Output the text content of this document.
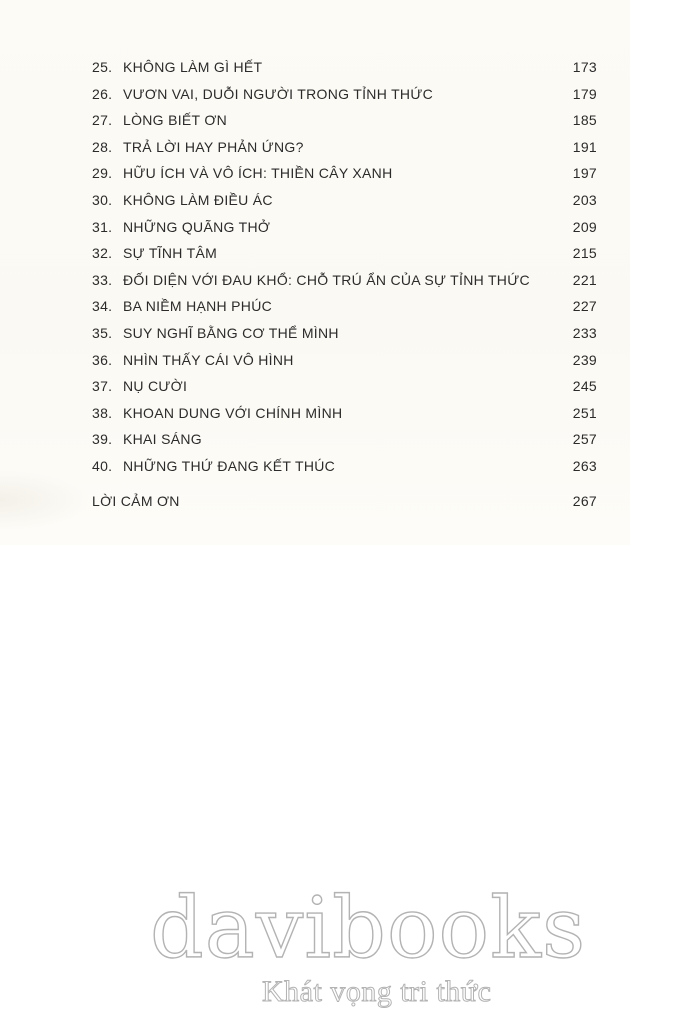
25. KHÔNG LÀM GÌ HẾT	173
26. VƯƠN VAI, DUỖI NGƯỜI TRONG TỈNH THỨC	179
27. LÒNG BIẾT ƠN	185
28. TRẢ LỜI HAY PHẢN ỨNG?	191
29. HỮU ÍCH VÀ VÔ ÍCH: THIỀN CÂY XANH	197
30. KHÔNG LÀM ĐIỀU ÁC	203
31. NHỮNG QUÃNG THỞ	209
32. SỰ TĨNH TÂM	215
33. ĐỐI DIỆN VỚI ĐAU KHỔ: CHỖ TRÚ ẨN CỦA SỰ TỈNH THỨC	221
34. BA NIỀM HẠNH PHÚC	227
35. SUY NGHĨ BẰNG CƠ THỂ MÌNH	233
36. NHÌN THẤY CÁI VÔ HÌNH	239
37. NỤ CƯỜI	245
38. KHOAN DUNG VỚI CHÍNH MÌNH	251
39. KHAI SÁNG	257
40. NHỮNG THỨ ĐANG KẾT THÚC	263
LỜI CẢM ƠN	267
davibooks
Khát vọng tri thức
